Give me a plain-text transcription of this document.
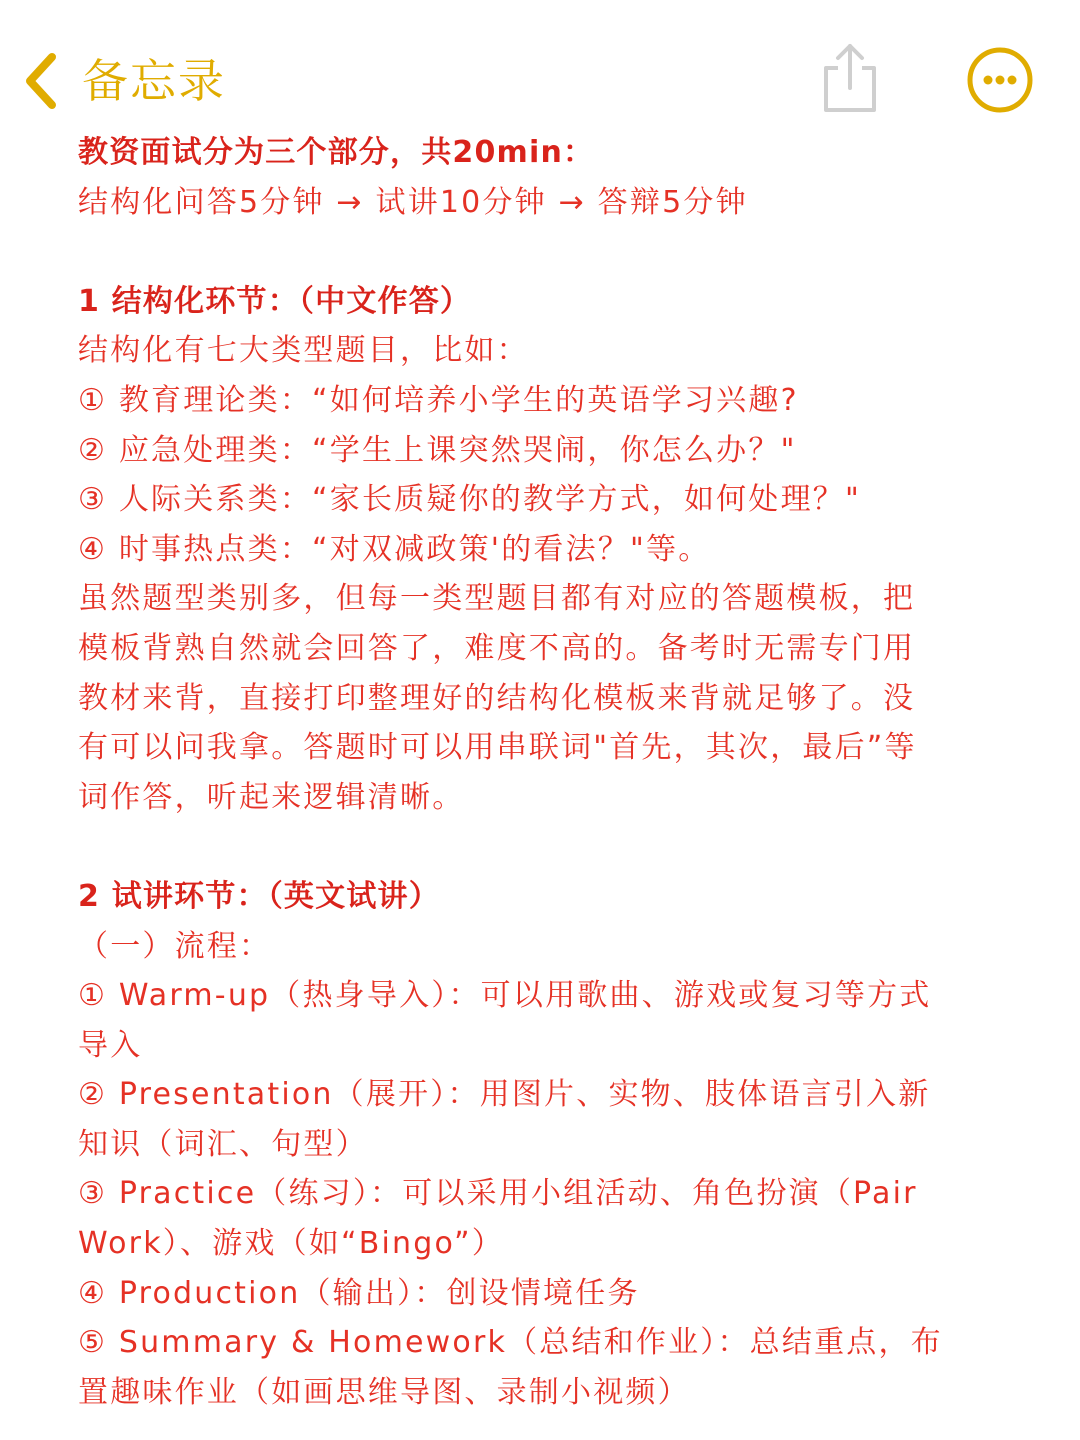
备忘录
教资面试分为三个部分，共20min：
结构化问答5分钟 → 试讲10分钟 → 答辩5分钟
1 结构化环节：（中文作答）
结构化有七大类型题目，比如：
① 教育理论类：“如何培养小学生的英语学习兴趣?
② 应急处理类：“学生上课突然哭闹，你怎么办？"
③ 人际关系类：“家长质疑你的教学方式，如何处理？"
④ 时事热点类：“对双减政策'的看法？"等。
虽然题型类别多，但每一类型题目都有对应的答题模板，把
模板背熟自然就会回答了，难度不高的。备考时无需专门用
教材来背，直接打印整理好的结构化模板来背就足够了。没
有可以问我拿。答题时可以用串联词"首先，其次，最后”等
词作答，听起来逻辑清晰。
2 试讲环节：（英文试讲）
（一）流程：
① Warm-up（热身导入）：可以用歌曲、游戏或复习等方式
导入
② Presentation（展开）：用图片、实物、肢体语言引入新
知识（词汇、句型）
③ Practice（练习）：可以采用小组活动、角色扮演（Pair
Work）、游戏（如“Bingo”）
④ Production（输出）：创设情境任务
⑤ Summary & Homework（总结和作业）：总结重点，布
置趣味作业（如画思维导图、录制小视频）
